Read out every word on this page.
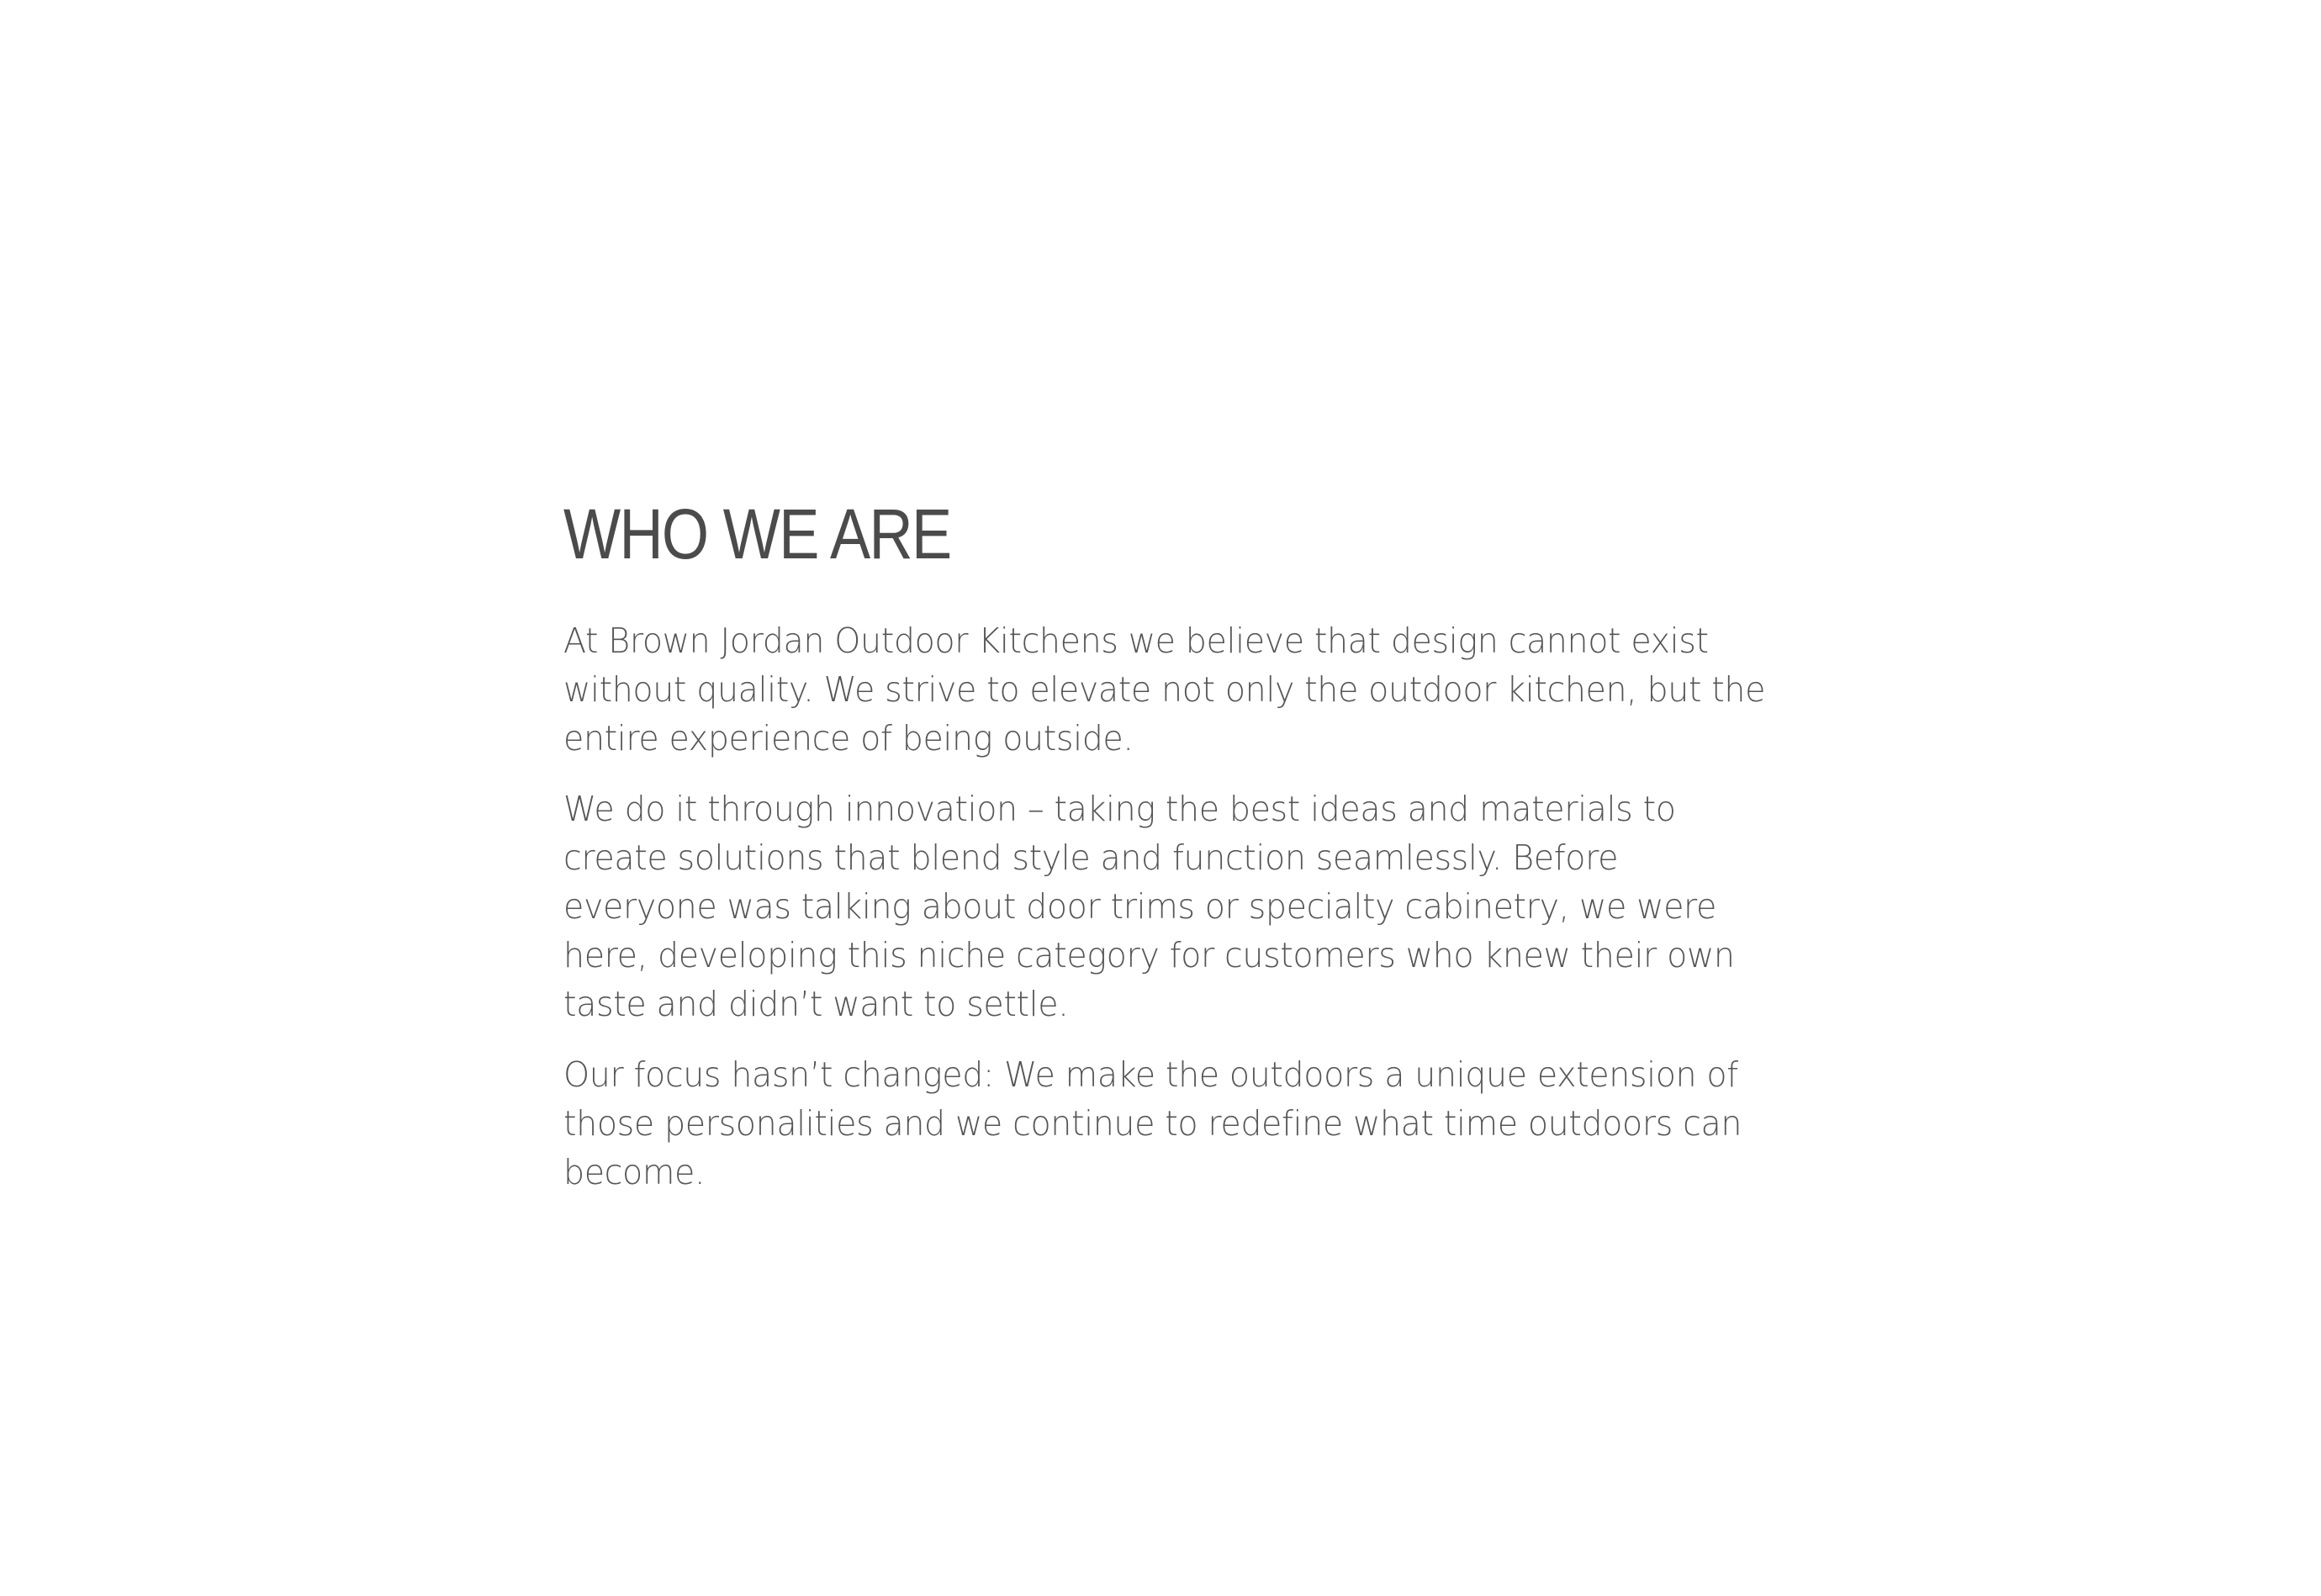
WHO WE ARE

At Brown Jordan Outdoor Kitchens we believe that design cannot exist without quality. We strive to elevate not only the outdoor kitchen, but the entire experience of being outside.

We do it through innovation – taking the best ideas and materials to create solutions that blend style and function seamlessly. Before everyone was talking about door trims or specialty cabinetry, we were here, developing this niche category for customers who knew their own taste and didn’t want to settle.

Our focus hasn’t changed: We make the outdoors a unique extension of those personalities and we continue to redefine what time outdoors can become.
